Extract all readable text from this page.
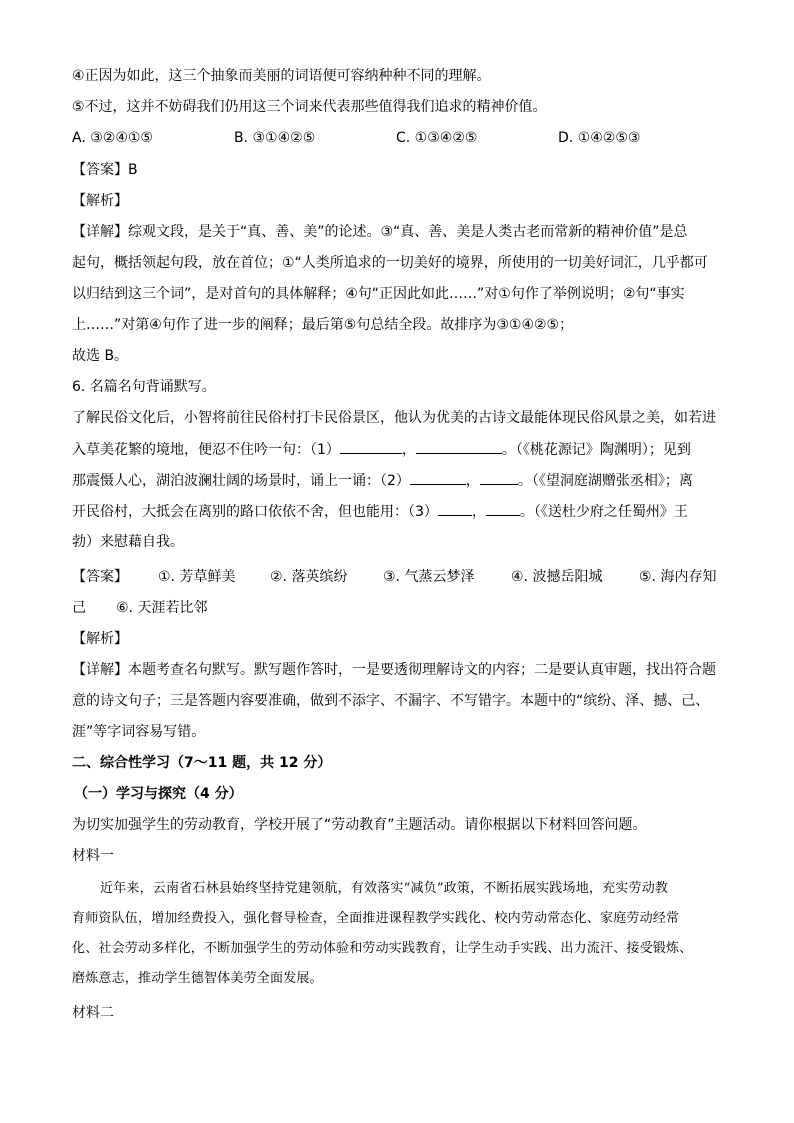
④正因为如此，这三个抽象而美丽的词语便可容纳种种不同的理解。
⑤不过，这并不妨碍我们仍用这三个词来代表那些值得我们追求的精神价值。
A. ③②④①⑤	B. ③①④②⑤	C. ①③④②⑤	D. ①④②⑤③
【答案】B
【解析】
【详解】综观文段，是关于“真、善、美”的论述。③“真、善、美是人类古老而常新的精神价值”是总
起句，概括领起句段，放在首位；①“人类所追求的一切美好的境界，所使用的一切美好词汇，几乎都可
以归结到这三个词”，是对首句的具体解释；④句“正因此如此……”对①句作了举例说明；②句“事实
上……”对第④句作了进一步的阐释；最后第⑤句总结全段。故排序为③①④②⑤；
故选 B。
6. 名篇名句背诵默写。
了解民俗文化后，小智将前往民俗村打卡民俗景区，他认为优美的古诗文最能体现民俗风景之美，如若进
入草美花繁的境地，便忍不住吟一句：（1）	，	。（《桃花源记》陶渊明）；见到
那震慑人心，湖泊波澜壮阔的场景时，诵上一诵：（2）	，	。（《望洞庭湖赠张丞相》；离
开民俗村，大抵会在离别的路口依依不舍，但也能用：（3） ， 。（《送杜少府之任蜀州》王
勃）来慰藉自我。
【答案】 ①. 芳草鲜美 ②. 落英缤纷	③. 气蒸云梦泽	④. 波撼岳阳城	⑤. 海内存知
己 ⑥. 天涯若比邻
【解析】
【详解】本题考查名句默写。默写题作答时，一是要透彻理解诗文的内容；二是要认真审题，找出符合题
意的诗文句子；三是答题内容要准确，做到不添字、不漏字、不写错字。本题中的“缤纷、泽、撼、己、
涯”等字词容易写错。
二、综合性学习（7～11 题，共 12 分）
（一）学习与探究（4 分）
为切实加强学生的劳动教育，学校开展了“劳动教育”主题活动。请你根据以下材料回答问题。
材料一
近年来，云南省石林县始终坚持党建领航，有效落实“减负”政策，不断拓展实践场地，充实劳动教
育师资队伍，增加经费投入，强化督导检查，全面推进课程教学实践化、校内劳动常态化、家庭劳动经常
化、社会劳动多样化，不断加强学生的劳动体验和劳动实践教育，让学生动手实践、出力流汗、接受锻炼、
磨炼意志，推动学生德智体美劳全面发展。
材料二
